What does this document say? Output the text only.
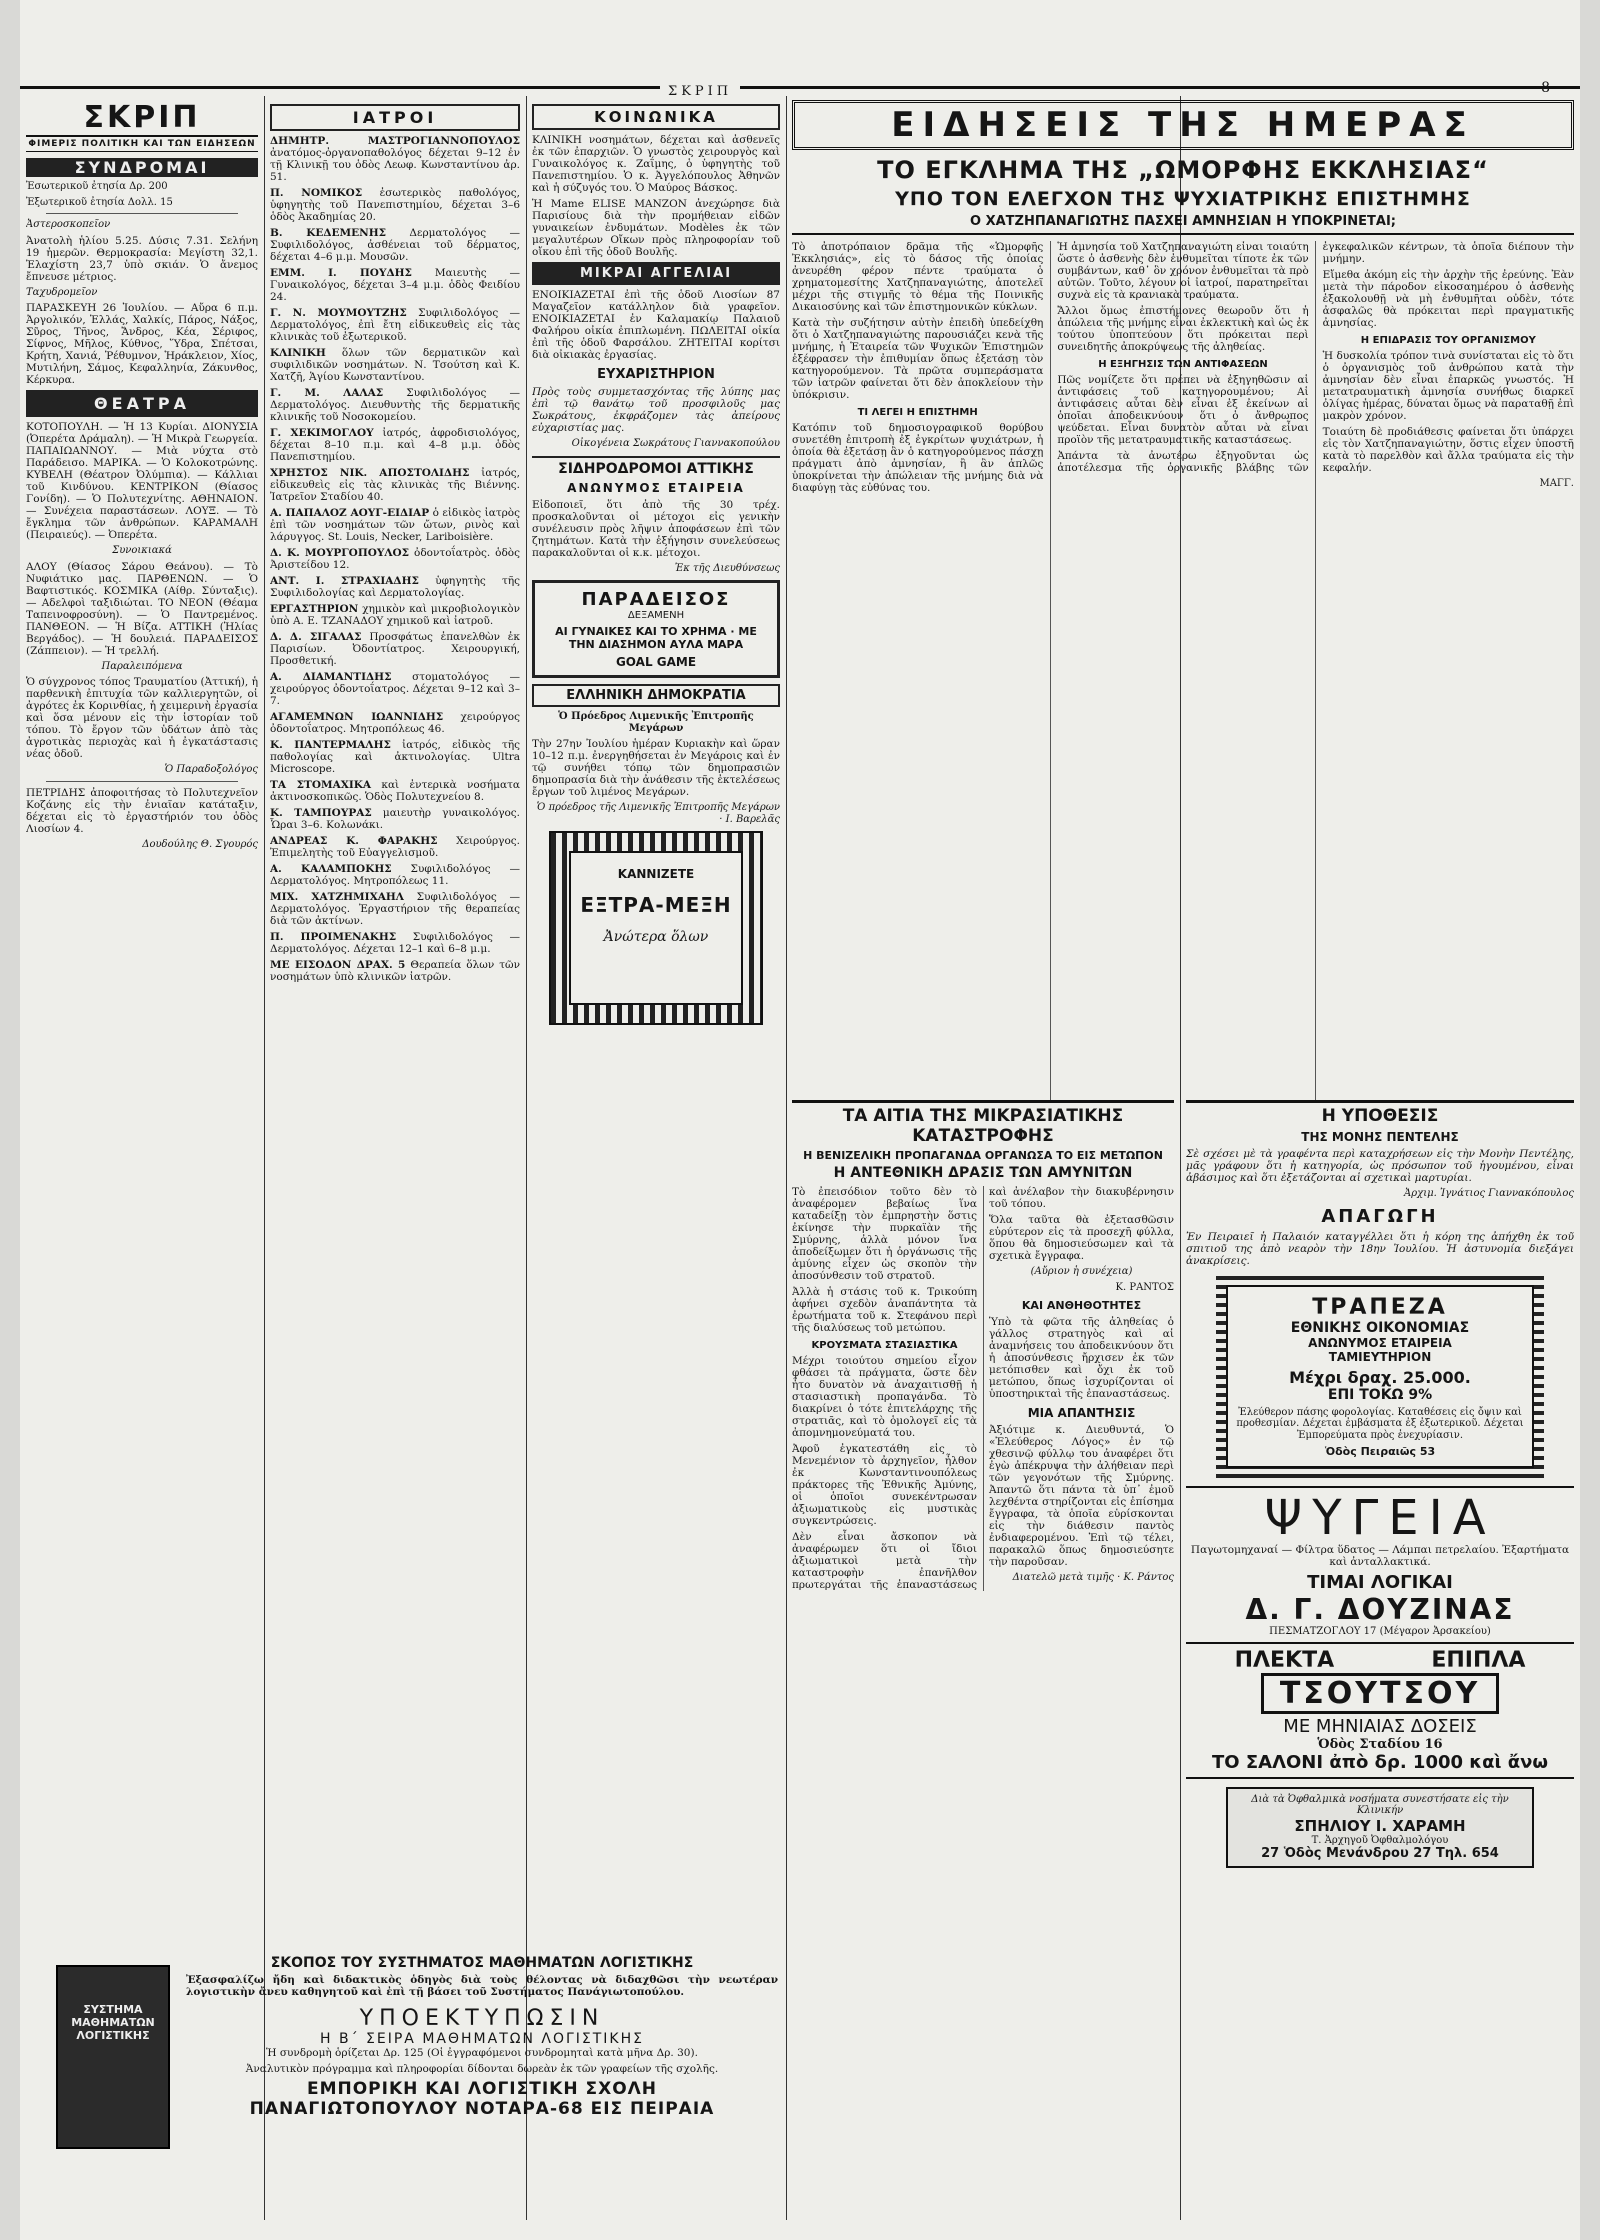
ΣΚΡΙΠ	8
ΣΚΡΙΠ
ΦΙΜΕΡΙΣ ΠΟΛΙΤΙΚΗ ΚΑΙ ΤΩΝ ΕΙΔΗΣΕΩΝ
ΣΥΝΔΡΟΜΑΙ

Ἐσωτερικοῦ ἐτησία Δρ. 200

Ἐξωτερικοῦ ἐτησία Δολλ. 15

Ἀστεροσκοπεῖον

Ἀνατολὴ ἡλίου 5.25. Δύσις 7.31. Σελήνη 19 ἡμερῶν. Θερμοκρασία: Μεγίστη 32,1. Ἐλαχίστη 23,7 ὑπὸ σκιάν. Ὁ ἄνεμος ἔπνευσε μέτριος.

Ταχυδρομεῖον

ΠΑΡΑΣΚΕΥΗ 26 Ἰουλίου. — Αὔρα 6 π.μ. Ἀργολικόν, Ἑλλάς, Χαλκίς, Πάρος, Νάξος, Σῦρος, Τῆνος, Ἄνδρος, Κέα, Σέριφος, Σίφνος, Μῆλος, Κύθνος, Ὕδρα, Σπέτσαι, Κρήτη, Χανιά, Ῥέθυμνον, Ἡράκλειον, Χίος, Μυτιλήνη, Σάμος, Κεφαλληνία, Ζάκυνθος, Κέρκυρα.

ΘΕΑΤΡΑ

ΚΟΤΟΠΟΥΛΗ. — Ἡ 13 Κυρίαι. ΔΙΟΝΥΣΙΑ (Ὀπερέτα Δράμαλη). — Ἡ Μικρὰ Γεωργεία. ΠΑΠΑΙΩΑΝΝΟΥ. — Μιὰ νύχτα στὸ Παράδεισο. ΜΑΡΙΚΑ. — Ὁ Κολοκοτρώνης. ΚΥΒΕΛΗ (Θέατρον Ὀλύμπια). — Κάλλιαι τοῦ Κινδύνου. ΚΕΝΤΡΙΚΟΝ (Θίασος Γονίδη). — Ὁ Πολυτεχνίτης. ΑΘΗΝΑΙΟΝ. — Συνέχεια παραστάσεων. ΛΟΥΞ. — Τὸ ἔγκλημα τῶν ἀνθρώπων. ΚΑΡΑΜΑΛΗ (Πειραιεύς). — Ὀπερέτα.

Συνοικιακά

ΑΛΟΥ (Θίασος Σάρου Θεάνου). — Τὸ Νυφιάτικο μας. ΠΑΡΘΕΝΩΝ. — Ὁ Βαφτιστικός. ΚΟΣΜΙΚΑ (Αίθρ. Σύνταξις). — Αδελφοὶ ταξιδιώται. ΤΟ ΝΕΟΝ (Θέαμα Ταπεινοφροσύνη). — Ὁ Παντρεμένος. ΠΑΝΘΕΟΝ. — Ἡ Βίζα. ΑΤΤΙΚΗ (Ἡλίας Βεργάδος). — Ἡ δουλειά. ΠΑΡΑΔΕΙΣΟΣ (Ζάππειον). — Ἡ τρελλή.

Παραλειπόμενα

Ὁ σύγχρονος τόπος Τραυματίου (Ἀττική), ἡ παρθενικὴ ἐπιτυχία τῶν καλλιεργητῶν, οἱ ἀγρότες ἐκ Κορινθίας, ἡ χειμερινὴ ἐργασία καὶ ὅσα μένουν εἰς τὴν ἱστορίαν τοῦ τόπου. Τὸ ἔργον τῶν ὑδάτων ἀπὸ τὰς ἀγροτικὰς περιοχὰς καὶ ἡ ἐγκατάστασις νέας ὁδοῦ.

Ὁ Παραδοξολόγος

ΠΕΤΡΙΔΗΣ ἀποφοιτήσας τὸ Πολυτεχνεῖον Κοζάνης εἰς τὴν ἐνιαῖαν κατάταξιν, δέχεται εἰς τὸ ἐργαστήριόν του ὁδὸς Λιοσίων 4.

Δουδούλης Θ. Σγουρός

ΙΑΤΡΟΙ

ΔΗΜΗΤΡ. ΜΑΣΤΡΟΓΙΑΝΝΟΠΟΥΛΟΣ ἀνατόμος-ὀργανοπαθολόγος δέχεται 9–12 ἐν τῇ Κλινικῇ του ὁδὸς Λεωφ. Κωνσταντίνου ἀρ. 51.

Π. ΝΟΜΙΚΟΣ ἐσωτερικὸς παθολόγος, ὑφηγητὴς τοῦ Πανεπιστημίου, δέχεται 3–6 ὁδὸς Ἀκαδημίας 20.

Β. ΚΕΔΕΜΕΝΗΣ Δερματολόγος — Συφιλιδολόγος, ἀσθένειαι τοῦ δέρματος, δέχεται 4–6 μ.μ. Μουσῶν.

ΕΜΜ. Ι. ΠΟΥΔΗΣ Μαιευτὴς — Γυναικολόγος, δέχεται 3–4 μ.μ. ὁδὸς Φειδίου 24.

Γ. Ν. ΜΟΥΜΟΥΤΖΗΣ Συφιλιδολόγος — Δερματολόγος, ἐπὶ ἔτη εἰδικευθεὶς εἰς τὰς κλινικὰς τοῦ ἐξωτερικοῦ.

ΚΛΙΝΙΚΗ ὅλων τῶν δερματικῶν καὶ συφιλιδικῶν νοσημάτων. Ν. Τσούτση καὶ Κ. Χατζῆ, Ἁγίου Κωνσταντίνου.

Γ. Μ. ΛΑΛΑΣ Συφιλιδολόγος — Δερματολόγος. Διευθυντὴς τῆς δερματικῆς κλινικῆς τοῦ Νοσοκομείου.

Γ. ΧΕΚΙΜΟΓΛΟΥ ἰατρός, ἀφροδισιολόγος, δέχεται 8–10 π.μ. καὶ 4–8 μ.μ. ὁδὸς Πανεπιστημίου.

ΧΡΗΣΤΟΣ ΝΙΚ. ΑΠΟΣΤΟΛΙΔΗΣ ἰατρός, εἰδικευθεὶς εἰς τὰς κλινικὰς τῆς Βιέννης. Ἰατρεῖον Σταδίου 40.

Α. ΠΑΠΑΛΟΖ ΑΟΥΓ-ΕΙΔΙΑΡ ὁ εἰδικὸς ἰατρὸς ἐπὶ τῶν νοσημάτων τῶν ὤτων, ρινὸς καὶ λάρυγγος. St. Louis, Necker, Lariboisière.

Δ. Κ. ΜΟΥΡΓΟΠΟΥΛΟΣ ὀδοντοΐατρὸς. ὁδὸς Ἀριστείδου 12.

ΑΝΤ. Ι. ΣΤΡΑΧΙΑΔΗΣ ὑφηγητὴς τῆς Συφιλιδολογίας καὶ Δερματολογίας.

ΕΡΓΑΣΤΗΡΙΟΝ χημικὸν καὶ μικροβιολογικὸν ὑπὸ Α. Ε. ΤΖΑΝΑΔΟΥ χημικοῦ καὶ ἰατροῦ.

Δ. Δ. ΣΙΓΑΛΑΣ Προσφάτως ἐπανελθὼν ἐκ Παρισίων. Ὀδοντίατρος. Χειρουργική, Προσθετική.

Α. ΔΙΑΜΑΝΤΙΔΗΣ στοματολόγος — χειρούργος ὀδοντοΐατρος. Δέχεται 9–12 καὶ 3–7.

ΑΓΑΜΕΜΝΩΝ ΙΩΑΝΝΙΔΗΣ χειρούργος ὀδοντοΐατρος. Μητροπόλεως 46.

Κ. ΠΑΝΤΕΡΜΑΛΗΣ ἰατρός, εἰδικὸς τῆς παθολογίας καὶ ἀκτινολογίας. Ultra Microscope.

ΤΑ ΣΤΟΜΑΧΙΚΑ καὶ ἐντερικὰ νοσήματα ἀκτινοσκοπικῶς. Ὁδὸς Πολυτεχνείου 8.

Κ. ΤΑΜΠΟΥΡΑΣ μαιευτὴρ γυναικολόγος. Ὧραι 3–6. Κολωνάκι.

ΑΝΔΡΕΑΣ Κ. ΦΑΡΑΚΗΣ Χειρούργος. Ἐπιμελητὴς τοῦ Εὐαγγελισμοῦ.

Α. ΚΑΛΑΜΠΟΚΗΣ Συφιλιδολόγος — Δερματολόγος. Μητροπόλεως 11.

ΜΙΧ. ΧΑΤΖΗΜΙΧΑΗΛ Συφιλιδολόγος — Δερματολόγος. Ἐργαστήριον τῆς θεραπείας διὰ τῶν ἀκτίνων.

Π. ΠΡΟΙΜΕΝΑΚΗΣ Συφιλιδολόγος — Δερματολόγος. Δέχεται 12–1 καὶ 6–8 μ.μ.

ΜΕ ΕΙΣΟΔΟΝ ΔΡΑΧ. 5 Θεραπεία ὅλων τῶν νοσημάτων ὑπὸ κλινικῶν ἰατρῶν.

ΚΟΙΝΩΝΙΚΑ

ΚΛΙΝΙΚΗ νοσημάτων, δέχεται καὶ ἀσθενεῖς ἐκ τῶν ἐπαρχιῶν. Ὁ γνωστὸς χειρουργὸς καὶ Γυναικολόγος κ. Ζαΐμης, ὁ ὑφηγητὴς τοῦ Πανεπιστημίου. Ὁ κ. Ἀγγελόπουλος Ἀθηνῶν καὶ ἡ σύζυγός του. Ὁ Μαύρος Βάσκος.

Ἡ Mame ELISE MANZON ἀνεχώρησε διὰ Παρισίους διὰ τὴν προμήθειαν εἰδῶν γυναικείων ἐνδυμάτων. Modèles ἐκ τῶν μεγαλυτέρων Οἴκων πρὸς πληροφορίαν τοῦ οἴκου ἐπὶ τῆς ὁδοῦ Βουλῆς.

ΜΙΚΡΑΙ ΑΓΓΕΛΙΑΙ

ΕΝΟΙΚΙΑΖΕΤΑΙ ἐπὶ τῆς ὁδοῦ Λιοσίων 87 Μαγαζεῖον κατάλληλον διὰ γραφεῖον. ΕΝΟΙΚΙΑΖΕΤΑΙ ἐν Καλαμακίῳ Παλαιοῦ Φαλήρου οἰκία ἐπιπλωμένη. ΠΩΛΕΙΤΑΙ οἰκία ἐπὶ τῆς ὁδοῦ Φαρσάλου. ΖΗΤΕΙΤΑΙ κορίτσι διὰ οἰκιακὰς ἐργασίας.

ΕΥΧΑΡΙΣΤΗΡΙΟΝ

Πρὸς τοὺς συμμετασχόντας τῆς λύπης μας ἐπὶ τῷ θανάτῳ τοῦ προσφιλοῦς μας Σωκράτους, ἐκφράζομεν τὰς ἀπείρους εὐχαριστίας μας.

Οἰκογένεια Σωκράτους Γιαννακοπούλου

ΣΙΔΗΡΟΔΡΟΜΟΙ ΑΤΤΙΚΗΣ
ΑΝΩΝΥΜΟΣ ΕΤΑΙΡΕΙΑ

Εἰδοποιεῖ, ὅτι ἀπὸ τῆς 30 τρέχ. προσκαλοῦνται οἱ μέτοχοι εἰς γενικὴν συνέλευσιν πρὸς λῆψιν ἀποφάσεων ἐπὶ τῶν ζητημάτων. Κατὰ τὴν ἐξήγησιν συνελεύσεως παρακαλοῦνται οἱ κ.κ. μέτοχοι.

Ἐκ τῆς Διευθύνσεως

ΠΑΡΑΔΕΙΣΟΣ
ΔΕΞΑΜΕΝΗ
ΑΙ ΓΥΝΑΙΚΕΣ ΚΑΙ ΤΟ ΧΡΗΜΑ · ΜΕ ΤΗΝ ΔΙΑΣΗΜΟΝ ΑΥΛΑ ΜΑΡΑ
GOAL GAME
ΕΛΛΗΝΙΚΗ ΔΗΜΟΚΡΑΤΙΑ

Ὁ Πρόεδρος Λιμενικῆς Ἐπιτροπῆς Μεγάρων

Τὴν 27ην Ἰουλίου ἡμέραν Κυριακὴν καὶ ὥραν 10–12 π.μ. ἐνεργηθήσεται ἐν Μεγάροις καὶ ἐν τῷ συνήθει τόπῳ τῶν δημοπρασιῶν δημοπρασία διὰ τὴν ἀνάθεσιν τῆς ἐκτελέσεως ἔργων τοῦ λιμένος Μεγάρων.

Ὁ πρόεδρος τῆς Λιμενικῆς Ἐπιτροπῆς Μεγάρων · Ι. Βαρελᾶς

ΚΑΝΝΙΖΕΤΕ
ΕΞΤΡΑ-ΜΕΞΗ
Ἀνώτερα ὅλων
ΕΙΔΗΣΕΙΣ ΤΗΣ ΗΜΕΡΑΣ
ΤΟ ΕΓΚΛΗΜΑ ΤΗΣ „ΩΜΟΡΦΗΣ ΕΚΚΛΗΣΙΑΣ“
ΥΠΟ ΤΟΝ ΕΛΕΓΧΟΝ ΤΗΣ ΨΥΧΙΑΤΡΙΚΗΣ ΕΠΙΣΤΗΜΗΣ
Ο ΧΑΤΖΗΠΑΝΑΓΙΩΤΗΣ ΠΑΣΧΕΙ ΑΜΝΗΣΙΑΝ Η ΥΠΟΚΡΙΝΕΤΑΙ;

Τὸ ἀποτρόπαιον δρᾶμα τῆς «Ὡμορφῆς Ἐκκλησιάς», εἰς τὸ δάσος τῆς ὁποίας ἀνευρέθη φέρον πέντε τραύματα ὁ χρηματομεσίτης Χατζηπαναγιώτης, ἀποτελεῖ μέχρι τῆς στιγμῆς τὸ θέμα τῆς Ποινικῆς Δικαιοσύνης καὶ τῶν ἐπιστημονικῶν κύκλων.

Κατὰ τὴν συζήτησιν αὐτὴν ἐπειδὴ ὑπεδείχθη ὅτι ὁ Χατζηπαναγιώτης παρουσιάζει κενὰ τῆς μνήμης, ἡ Ἑταιρεία τῶν Ψυχικῶν Ἐπιστημῶν ἐξέφρασεν τὴν ἐπιθυμίαν ὅπως ἐξετάσῃ τὸν κατηγορούμενον. Τὰ πρῶτα συμπεράσματα τῶν ἰατρῶν φαίνεται ὅτι δὲν ἀποκλείουν τὴν ὑπόκρισιν.

ΤΙ ΛΕΓΕΙ Η ΕΠΙΣΤΗΜΗ

Κατόπιν τοῦ δημοσιογραφικοῦ θορύβου συνετέθη ἐπιτροπὴ ἐξ ἐγκρίτων ψυχιάτρων, ἡ ὁποία θὰ ἐξετάσῃ ἂν ὁ κατηγορούμενος πάσχῃ πράγματι ἀπὸ ἀμνησίαν, ἢ ἂν ἀπλῶς ὑποκρίνεται τὴν ἀπώλειαν τῆς μνήμης διὰ νὰ διαφύγῃ τὰς εὐθύνας του.

Ἡ ἀμνησία τοῦ Χατζηπαναγιώτη εἶναι τοιαύτη ὥστε ὁ ἀσθενὴς δὲν ἐνθυμεῖται τίποτε ἐκ τῶν συμβάντων, καθ᾽ ὃν χρόνον ἐνθυμεῖται τὰ πρὸ αὐτῶν. Τοῦτο, λέγουν οἱ ἰατροί, παρατηρεῖται συχνὰ εἰς τὰ κρανιακὰ τραύματα.

Ἄλλοι ὅμως ἐπιστήμονες θεωροῦν ὅτι ἡ ἀπώλεια τῆς μνήμης εἶναι ἐκλεκτικὴ καὶ ὡς ἐκ τούτου ὑποπτεύουν ὅτι πρόκειται περὶ συνειδητῆς ἀποκρύψεως τῆς ἀληθείας.

Η ΕΞΗΓΗΣΙΣ ΤΩΝ ΑΝΤΙΦΑΣΕΩΝ

Πῶς νομίζετε ὅτι πρέπει νὰ ἐξηγηθῶσιν αἱ ἀντιφάσεις τοῦ κατηγορουμένου; Αἱ ἀντιφάσεις αὗται δὲν εἶναι ἐξ ἐκείνων αἱ ὁποῖαι ἀποδεικνύουν ὅτι ὁ ἄνθρωπος ψεύδεται. Εἶναι δυνατὸν αὗται νὰ εἶναι προϊὸν τῆς μετατραυματικῆς καταστάσεως.

Ἀπάντα τὰ ἀνωτέρω ἐξηγοῦνται ὡς ἀποτέλεσμα τῆς ὀργανικῆς βλάβης τῶν ἐγκεφαλικῶν κέντρων, τὰ ὁποῖα διέπουν τὴν μνήμην.

Εἴμεθα ἀκόμη εἰς τὴν ἀρχὴν τῆς ἐρεύνης. Ἐὰν μετὰ τὴν πάροδον εἰκοσαημέρου ὁ ἀσθενὴς ἐξακολουθῇ νὰ μὴ ἐνθυμῆται οὐδὲν, τότε ἀσφαλῶς θὰ πρόκειται περὶ πραγματικῆς ἀμνησίας.

Η ΕΠΙΔΡΑΣΙΣ ΤΟΥ ΟΡΓΑΝΙΣΜΟΥ

Ἡ δυσκολία τρόπον τινὰ συνίσταται εἰς τὸ ὅτι ὁ ὀργανισμὸς τοῦ ἀνθρώπου κατὰ τὴν ἀμνησίαν δὲν εἶναι ἐπαρκῶς γνωστός. Ἡ μετατραυματικὴ ἀμνησία συνήθως διαρκεῖ ὀλίγας ἡμέρας, δύναται ὅμως νὰ παραταθῇ ἐπὶ μακρὸν χρόνον.

Τοιαύτη δὲ προδιάθεσις φαίνεται ὅτι ὑπάρχει εἰς τὸν Χατζηπαναγιώτην, ὅστις εἶχεν ὑποστῆ κατὰ τὸ παρελθὸν καὶ ἄλλα τραύματα εἰς τὴν κεφαλήν.

ΜΑΓΓ.

ΤΑ ΑΙΤΙΑ ΤΗΣ ΜΙΚΡΑΣΙΑΤΙΚΗΣ ΚΑΤΑΣΤΡΟΦΗΣ
Η ΒΕΝΙΖΕΛΙΚΗ ΠΡΟΠΑΓΑΝΔΑ ΟΡΓΑΝΩΣΑ ΤΟ ΕΙΣ ΜΕΤΩΠΟΝ
Η ΑΝΤΕΘΝΙΚΗ ΔΡΑΣΙΣ ΤΩΝ ΑΜΥΝΙΤΩΝ

Τὸ ἐπεισόδιον τοῦτο δὲν τὸ ἀναφέρομεν βεβαίως ἵνα καταδείξῃ τὸν ἐμπρηστὴν ὅστις ἐκίνησε τὴν πυρκαϊὰν τῆς Σμύρνης, ἀλλὰ μόνον ἵνα ἀποδείξωμεν ὅτι ἡ ὀργάνωσις τῆς ἀμύνης εἶχεν ὡς σκοπὸν τὴν ἀποσύνθεσιν τοῦ στρατοῦ.

Ἀλλὰ ἡ στάσις τοῦ κ. Τρικούπη ἀφήνει σχεδὸν ἀναπάντητα τὰ ἐρωτήματα τοῦ κ. Στεφάνου περὶ τῆς διαλύσεως τοῦ μετώπου.

ΚΡΟΥΣΜΑΤΑ ΣΤΑΣΙΑΣΤΙΚΑ

Μέχρι τοιούτου σημείου εἶχον φθάσει τὰ πράγματα, ὥστε δὲν ἦτο δυνατὸν νὰ ἀναχαιτισθῇ ἡ στασιαστικὴ προπαγάνδα. Τὸ διακρίνει ὁ τότε ἐπιτελάρχης τῆς στρατιᾶς, καὶ τὸ ὁμολογεῖ εἰς τὰ ἀπομνημονεύματά του.

Ἀφοῦ ἐγκατεστάθη εἰς τὸ Μενεμένιον τὸ ἀρχηγεῖον, ἦλθον ἐκ Κωνσταντινουπόλεως πράκτορες τῆς Ἐθνικῆς Ἀμύνης, οἱ ὁποῖοι συνεκέντρωσαν ἀξιωματικοὺς εἰς μυστικὰς συγκεντρώσεις.

Δὲν εἶναι ἄσκοπον νὰ ἀναφέρωμεν ὅτι οἱ ἴδιοι ἀξιωματικοὶ μετὰ τὴν καταστροφὴν ἐπανῆλθον πρωτεργάται τῆς ἐπαναστάσεως καὶ ἀνέλαβον τὴν διακυβέρνησιν τοῦ τόπου.

Ὅλα ταῦτα θὰ ἐξετασθῶσιν εὐρύτερον εἰς τὰ προσεχῆ φύλλα, ὅπου θὰ δημοσιεύσωμεν καὶ τὰ σχετικὰ ἔγγραφα.

(Αὔριον ἡ συνέχεια)

Κ. ΡΑΝΤΟΣ

ΚΑΙ ΑΝΘΗΘΟΤΗΤΕΣ

Ὑπὸ τὰ φῶτα τῆς ἀληθείας ὁ γάλλος στρατηγὸς καὶ αἱ ἀναμνήσεις του ἀποδεικνύουν ὅτι ἡ ἀποσύνθεσις ἤρχισεν ἐκ τῶν μετόπισθεν καὶ ὄχι ἐκ τοῦ μετώπου, ὅπως ἰσχυρίζονται οἱ ὑποστηρικταὶ τῆς ἐπαναστάσεως.

ΜΙΑ ΑΠΑΝΤΗΣΙΣ

Ἀξιότιμε κ. Διευθυντά, Ὁ «Ἐλεύθερος Λόγος» ἐν τῷ χθεσινῷ φύλλῳ του ἀναφέρει ὅτι ἐγὼ ἀπέκρυψα τὴν ἀλήθειαν περὶ τῶν γεγονότων τῆς Σμύρνης. Ἀπαντῶ ὅτι πάντα τὰ ὑπ᾽ ἐμοῦ λεχθέντα στηρίζονται εἰς ἐπίσημα ἔγγραφα, τὰ ὁποῖα εὑρίσκονται εἰς τὴν διάθεσιν παντὸς ἐνδιαφερομένου. Ἐπὶ τῷ τέλει, παρακαλῶ ὅπως δημοσιεύσητε τὴν παροῦσαν.

Διατελῶ μετὰ τιμῆς · Κ. Ράντος

Η ΥΠΟΘΕΣΙΣ
ΤΗΣ ΜΟΝΗΣ ΠΕΝΤΕΛΗΣ

Σὲ σχέσει μὲ τὰ γραφέντα περὶ καταχρήσεων εἰς τὴν Μονὴν Πεντέλης, μᾶς γράφουν ὅτι ἡ κατηγορία, ὡς πρόσωπον τοῦ ἡγουμένου, εἶναι ἀβάσιμος καὶ ὅτι ἐξετάζονται αἱ σχετικαὶ μαρτυρίαι.

Ἀρχιμ. Ἰγνάτιος Γιαννακόπουλος

ΑΠΑΓΩΓΗ

Ἐν Πειραιεῖ ἡ Παλαιόν καταγγέλλει ὅτι ἡ κόρη της ἀπήχθη ἐκ τοῦ σπιτιοῦ της ἀπὸ νεαρὸν τὴν 18ην Ἰουλίου. Ἡ ἀστυνομία διεξάγει ἀνακρίσεις.

ΤΡΑΠΕΖΑ
ΕΘΝΙΚΗΣ ΟΙΚΟΝΟΜΙΑΣ
ΑΝΩΝΥΜΟΣ ΕΤΑΙΡΕΙΑ
ΤΑΜΙΕΥΤΗΡΙΟΝ
Μέχρι δραχ. 25.000.
ΕΠΙ ΤΟΚΩ 9%

Ἐλεύθερον πάσης φορολογίας. Καταθέσεις εἰς ὄψιν καὶ προθεσμίαν. Δέχεται ἐμβάσματα ἐξ ἐξωτερικοῦ. Δέχεται Ἐμπορεύματα πρὸς ἐνεχυρίασιν.

Ὁδὸς Πειραιῶς 53
ΨΥΓΕΙΑ

Παγωτομηχαναί — Φίλτρα ὕδατος — Λάμπαι πετρελαίου. Ἐξαρτήματα καὶ ἀνταλλακτικά.

ΤΙΜΑΙ ΛΟΓΙΚΑΙ
Δ. Γ. ΔΟΥΖΙΝΑΣ
ΠΕΣΜΑΤΖΟΓΛΟΥ 17 (Μέγαρον Ἀρσακείου)
ΠΛΕΚΤΑ	ΕΠΙΠΛΑ
ΤΣΟΥΤΣΟΥ
ΜΕ ΜΗΝΙΑΙΑΣ ΔΟΣΕΙΣ
Ὁδὸς Σταδίου 16
ΤΟ ΣΑΛΟΝΙ ἀπὸ δρ. 1000 καὶ ἄνω
Διὰ τὰ Ὀφθαλμικὰ νοσήματα συνεστήσατε εἰς τὴν Κλινικήν
ΣΠΗΛΙΟΥ Ι. ΧΑΡΑΜΗ
Τ. Ἀρχηγοῦ Ὀφθαλμολόγου
27 Ὁδὸς Μενάνδρου 27 Τηλ. 654
ΣΥΣΤΗΜΑ ΜΑΘΗΜΑΤΩΝ ΛΟΓΙΣΤΙΚΗΣ
ΣΚΟΠΟΣ ΤΟΥ ΣΥΣΤΗΜΑΤΟΣ ΜΑΘΗΜΑΤΩΝ ΛΟΓΙΣΤΙΚΗΣ

Ἐξασφαλίζω ἤδη καὶ διδακτικὸς ὁδηγὸς διὰ τοὺς θέλοντας νὰ διδαχθῶσι τὴν νεωτέραν λογιστικὴν ἄνευ καθηγητοῦ καὶ ἐπὶ τῇ βάσει τοῦ Συστήματος Πανάγιωτοπούλου.

ΥΠΟΕΚΤΥΠΩΣΙΝ
Η Β΄ ΣΕΙΡΑ ΜΑΘΗΜΑΤΩΝ ΛΟΓΙΣΤΙΚΗΣ

Ἡ συνδρομὴ ὁρίζεται Δρ. 125 (Οἱ ἐγγραφόμενοι συνδρομηταὶ κατὰ μῆνα Δρ. 30).

Ἀναλυτικὸν πρόγραμμα καὶ πληροφορίαι δίδονται δωρεὰν ἐκ τῶν γραφείων τῆς σχολῆς.

ΕΜΠΟΡΙΚΗ ΚΑΙ ΛΟΓΙΣΤΙΚΗ ΣΧΟΛΗ
ΠΑΝΑΓΙΩΤΟΠΟΥΛΟΥ ΝΟΤΑΡΑ-68 ΕΙΣ ΠΕΙΡΑΙΑ
